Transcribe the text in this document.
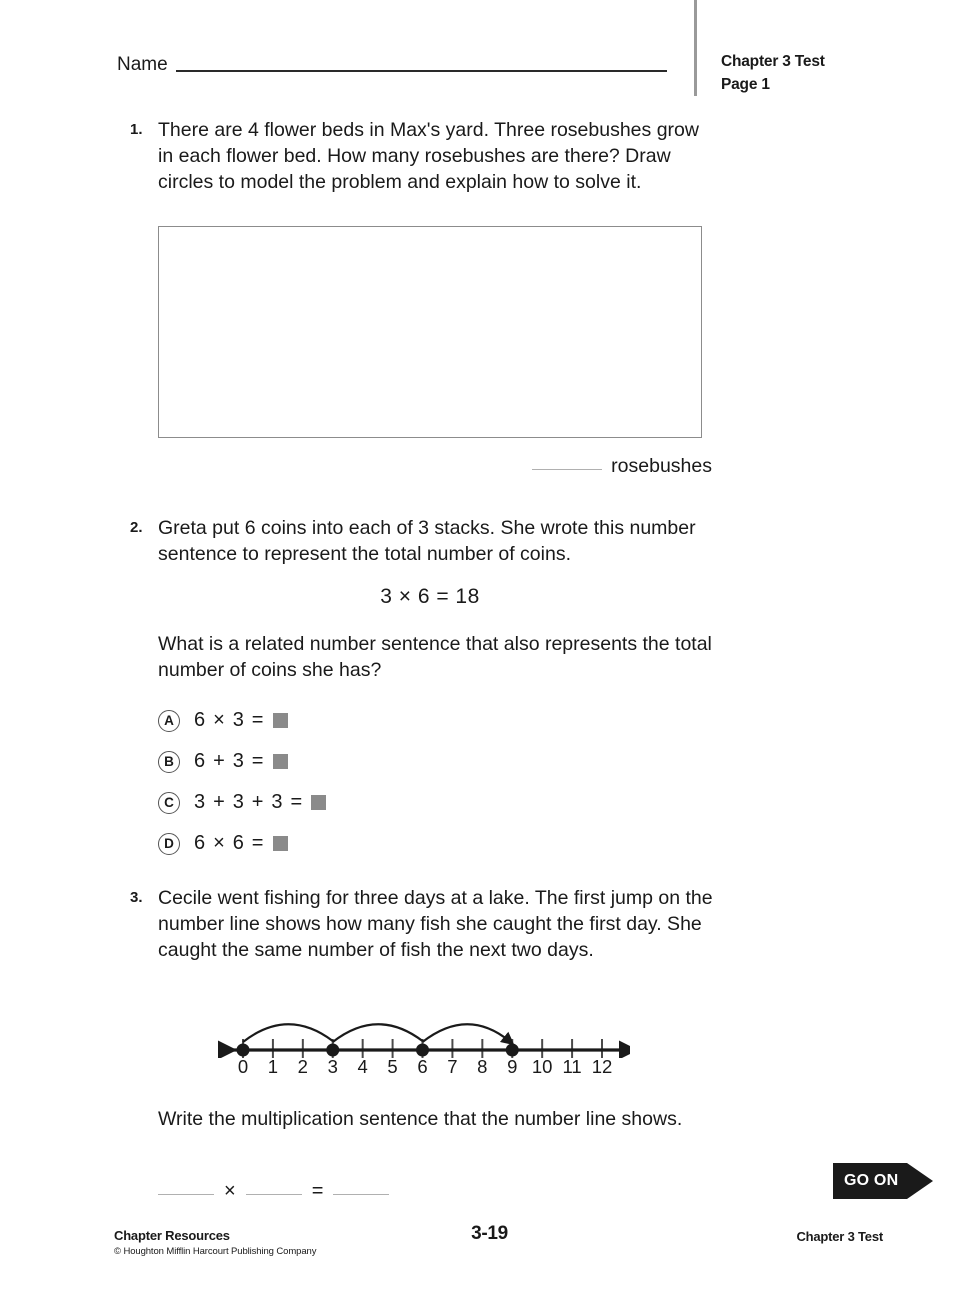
Name	Chapter 3 Test
Page 1
1. There are 4 flower beds in Max's yard. Three rosebushes grow in each flower bed. How many rosebushes are there? Draw circles to model the problem and explain how to solve it.
rosebushes
2. Greta put 6 coins into each of 3 stacks. She wrote this number sentence to represent the total number of coins.
3 × 6 = 18
What is a related number sentence that also represents the total number of coins she has?
A	6 × 3 =
B	6 + 3 =
C	3 + 3 + 3 =
D	6 × 6 =
3. Cecile went fishing for three days at a lake. The first jump on the number line shows how many fish she caught the first day. She caught the same number of fish the next two days.
0 1 2 3 4 5 6 7 8 9 10 11 12
Write the multiplication sentence that the number line shows.
×	=	GO ON
Chapter Resources
© Houghton Mifflin Harcourt Publishing Company
3-19	Chapter 3 Test
